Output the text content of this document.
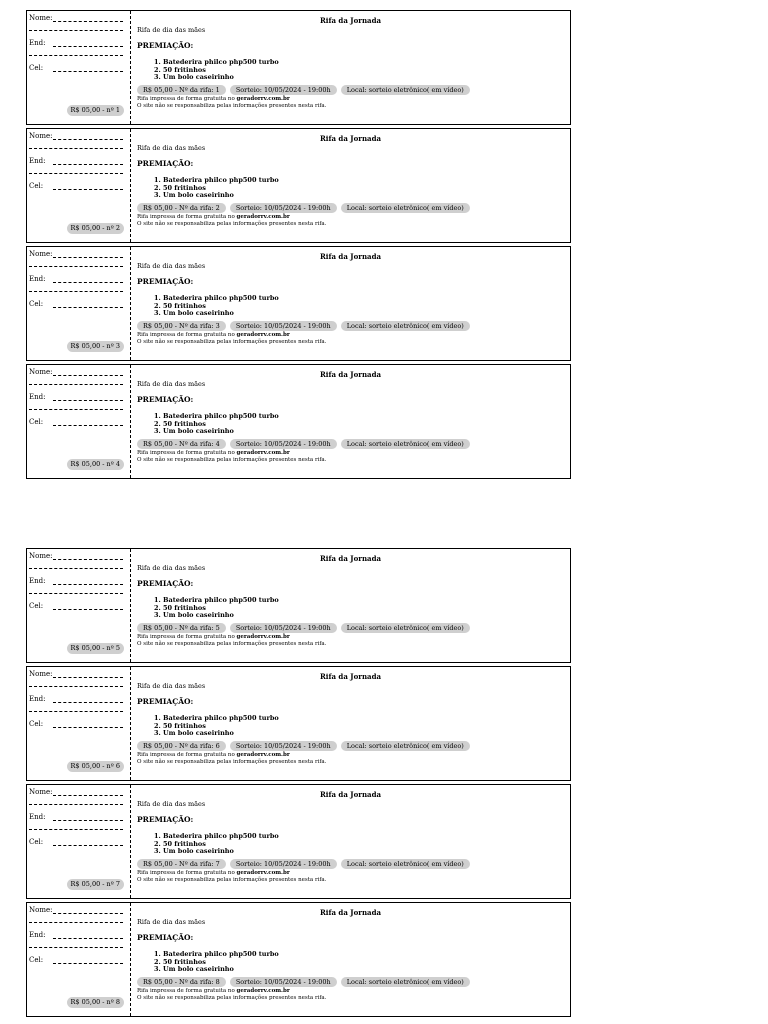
Nome:
End:
Cel:
R$ 05,00 - nº 1
Rifa da Jornada
Rifa de dia das mães
PREMIAÇÃO:
1. Batederira philco php500 turbo
2. 50 fritinhos
3. Um bolo caseirinho
R$ 05,00 - Nº da rifa: 1	Sorteio: 10/05/2024 - 19:00h	Local: sorteio eletrônico( em vídeo)
Rifa impressa de forma gratuita no geradorrv.com.br
O site não se responsabiliza pelas informações presentes nesta rifa.
Nome:
End:
Cel:
R$ 05,00 - nº 2
Rifa da Jornada
Rifa de dia das mães
PREMIAÇÃO:
1. Batederira philco php500 turbo
2. 50 fritinhos
3. Um bolo caseirinho
R$ 05,00 - Nº da rifa: 2	Sorteio: 10/05/2024 - 19:00h	Local: sorteio eletrônico( em vídeo)
Rifa impressa de forma gratuita no geradorrv.com.br
O site não se responsabiliza pelas informações presentes nesta rifa.
Nome:
End:
Cel:
R$ 05,00 - nº 3
Rifa da Jornada
Rifa de dia das mães
PREMIAÇÃO:
1. Batederira philco php500 turbo
2. 50 fritinhos
3. Um bolo caseirinho
R$ 05,00 - Nº da rifa: 3	Sorteio: 10/05/2024 - 19:00h	Local: sorteio eletrônico( em vídeo)
Rifa impressa de forma gratuita no geradorrv.com.br
O site não se responsabiliza pelas informações presentes nesta rifa.
Nome:
End:
Cel:
R$ 05,00 - nº 4
Rifa da Jornada
Rifa de dia das mães
PREMIAÇÃO:
1. Batederira philco php500 turbo
2. 50 fritinhos
3. Um bolo caseirinho
R$ 05,00 - Nº da rifa: 4	Sorteio: 10/05/2024 - 19:00h	Local: sorteio eletrônico( em vídeo)
Rifa impressa de forma gratuita no geradorrv.com.br
O site não se responsabiliza pelas informações presentes nesta rifa.
Nome:
End:
Cel:
R$ 05,00 - nº 5
Rifa da Jornada
Rifa de dia das mães
PREMIAÇÃO:
1. Batederira philco php500 turbo
2. 50 fritinhos
3. Um bolo caseirinho
R$ 05,00 - Nº da rifa: 5	Sorteio: 10/05/2024 - 19:00h	Local: sorteio eletrônico( em vídeo)
Rifa impressa de forma gratuita no geradorrv.com.br
O site não se responsabiliza pelas informações presentes nesta rifa.
Nome:
End:
Cel:
R$ 05,00 - nº 6
Rifa da Jornada
Rifa de dia das mães
PREMIAÇÃO:
1. Batederira philco php500 turbo
2. 50 fritinhos
3. Um bolo caseirinho
R$ 05,00 - Nº da rifa: 6	Sorteio: 10/05/2024 - 19:00h	Local: sorteio eletrônico( em vídeo)
Rifa impressa de forma gratuita no geradorrv.com.br
O site não se responsabiliza pelas informações presentes nesta rifa.
Nome:
End:
Cel:
R$ 05,00 - nº 7
Rifa da Jornada
Rifa de dia das mães
PREMIAÇÃO:
1. Batederira philco php500 turbo
2. 50 fritinhos
3. Um bolo caseirinho
R$ 05,00 - Nº da rifa: 7	Sorteio: 10/05/2024 - 19:00h	Local: sorteio eletrônico( em vídeo)
Rifa impressa de forma gratuita no geradorrv.com.br
O site não se responsabiliza pelas informações presentes nesta rifa.
Nome:
End:
Cel:
R$ 05,00 - nº 8
Rifa da Jornada
Rifa de dia das mães
PREMIAÇÃO:
1. Batederira philco php500 turbo
2. 50 fritinhos
3. Um bolo caseirinho
R$ 05,00 - Nº da rifa: 8	Sorteio: 10/05/2024 - 19:00h	Local: sorteio eletrônico( em vídeo)
Rifa impressa de forma gratuita no geradorrv.com.br
O site não se responsabiliza pelas informações presentes nesta rifa.
